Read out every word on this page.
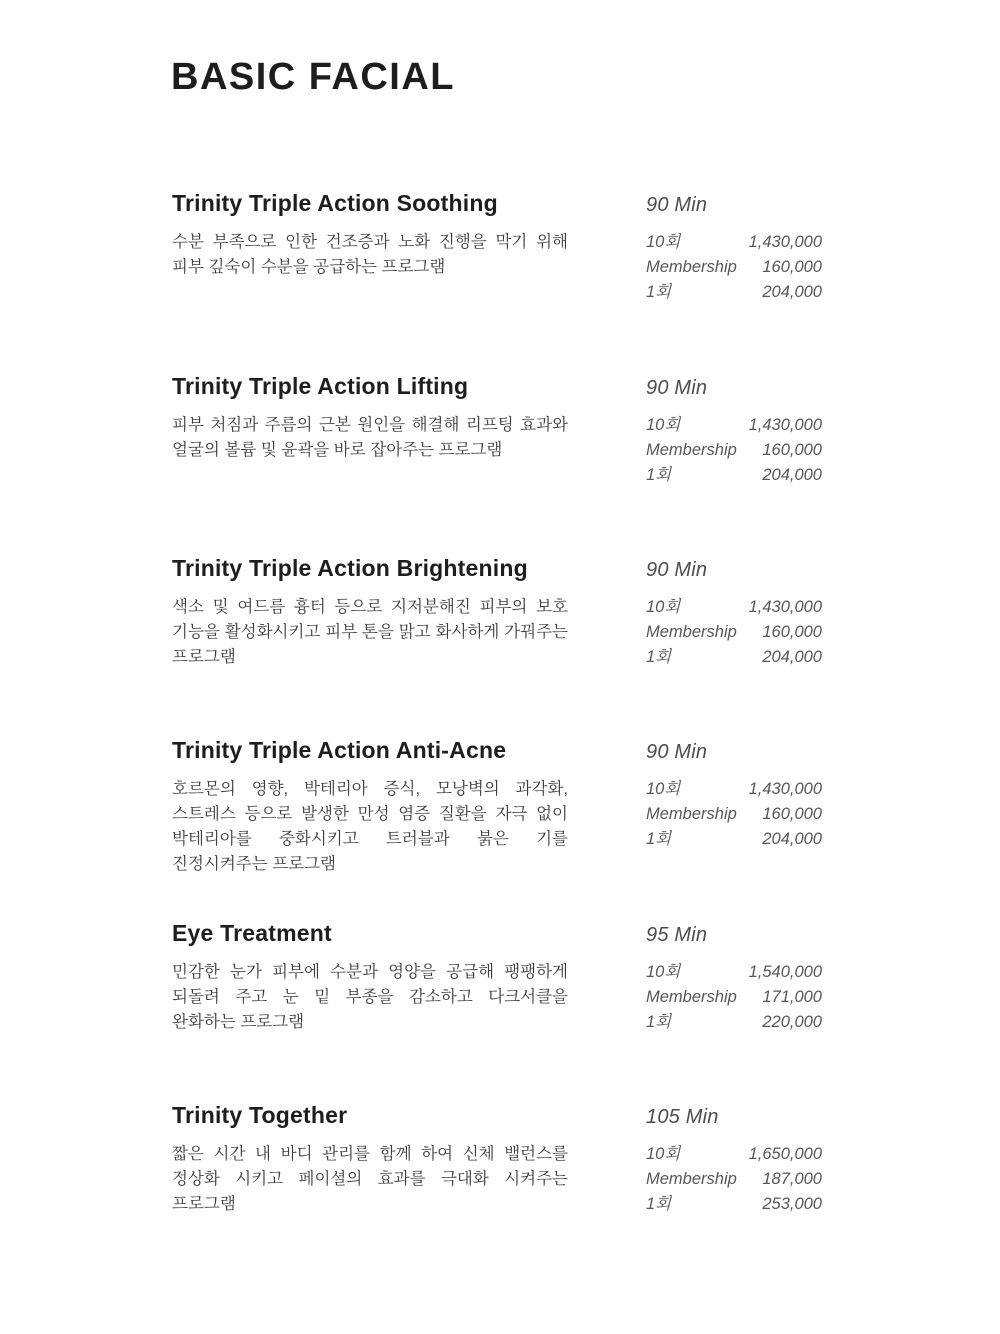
BASIC FACIAL
Trinity Triple Action Soothing	90 Min

수분 부족으로 인한 건조증과 노화 진행을 막기 위해 피부 깊숙이 수분을 공급하는 프로그램

10회	1,430,000
Membership 160,000
1회	204,000
Trinity Triple Action Lifting	90 Min

피부 처짐과 주름의 근본 원인을 해결해 리프팅 효과와 얼굴의 볼륨 및 윤곽을 바로 잡아주는 프로그램

10회	1,430,000
Membership 160,000
1회	204,000
Trinity Triple Action Brightening	90 Min

색소 및 여드름 흉터 등으로 지저분해진 피부의 보호 기능을 활성화시키고 피부 톤을 맑고 화사하게 가꿔주는 프로그램

10회	1,430,000
Membership 160,000
1회	204,000
Trinity Triple Action Anti-Acne	90 Min

호르몬의 영향, 박테리아 증식, 모낭벽의 과각화, 스트레스 등으로 발생한 만성 염증 질환을 자극 없이 박테리아를 중화시키고 트러블과 붉은 기를 진정시켜주는 프로그램

10회	1,430,000
Membership 160,000
1회	204,000
Eye Treatment	95 Min

민감한 눈가 피부에 수분과 영양을 공급해 팽팽하게 되돌려 주고 눈 밑 부종을 감소하고 다크서클을 완화하는 프로그램

10회	1,540,000
Membership 171,000
1회	220,000
Trinity Together	105 Min

짧은 시간 내 바디 관리를 함께 하여 신체 밸런스를 정상화 시키고 페이셜의 효과를 극대화 시켜주는 프로그램

10회	1,650,000
Membership 187,000
1회	253,000
